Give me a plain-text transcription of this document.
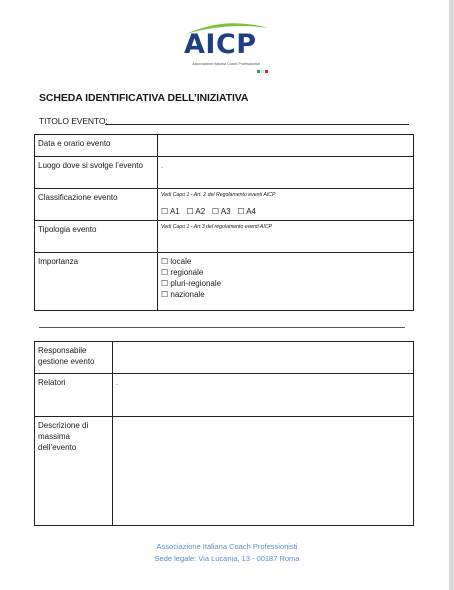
AICP
Associazione Italiana Coach Professionisti
SCHEDA IDENTIFICATIVA DELL’INIZIATIVA
TITOLO EVENTO:
Data e orario evento	
Luogo dove si svolge l’evento	.
Classificazione evento	Vedi Capo 1 - Art. 2 del Regolamento eventi AICP
☐ A1 ☐ A2 ☐ A3 ☐ A4

Tipologia evento	Vedi Capo 1 - Art.3 del regolamento eventi AICP

Importanza	☐ locale
☐ regionale
☐ pluri-regionale
☐ nazionale
Responsabile gestione evento	
Relatori	.
Descrizione di massima dell’evento	
Associazione Italiana Coach Professionisti
Sede legale: Via Lucania, 13 - 00187 Roma
